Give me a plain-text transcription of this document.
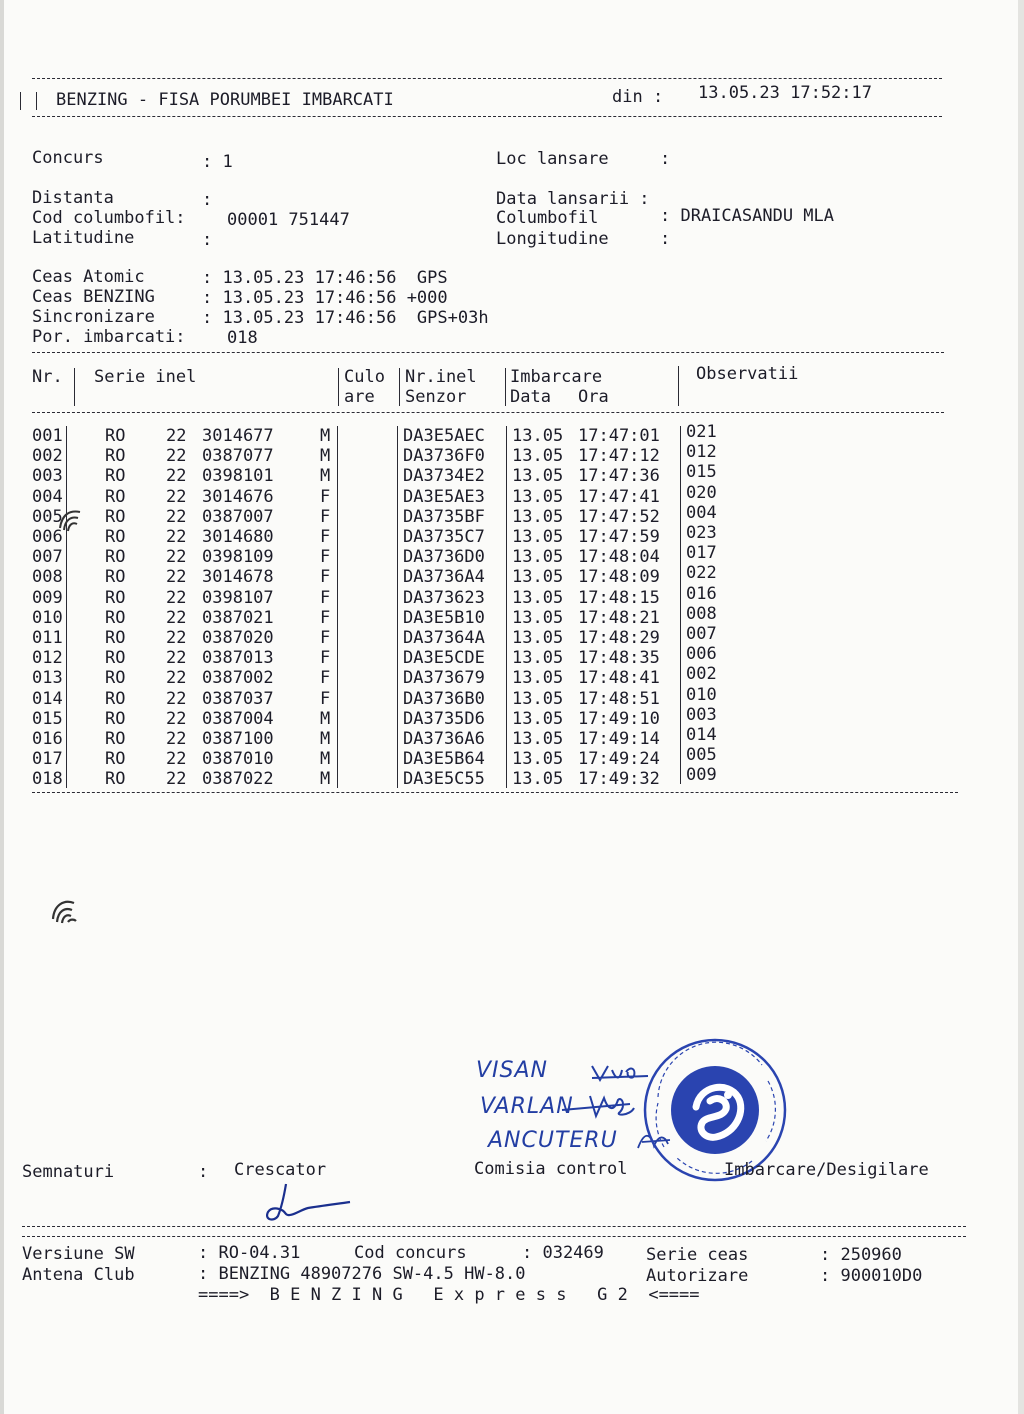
BENZING - FISA PORUMBEI IMBARCATI	din : 13.05.23 17:52:17
Concurs	: 1	Loc lansare	:
Distanta	:
Cod columbofil: 00001 751447
Latitudine	:
Data lansarii :
Columbofil	: DRAICASANDU MLA
Longitudine	:
Ceas Atomic	: 13.05.23 17:46:56  GPS
Ceas BENZING	: 13.05.23 17:46:56 +000
Sincronizare	: 13.05.23 17:46:56  GPS+03h
Por. imbarcati: 018
Nr. Serie inel	Culo
are
Nr.inel
Senzor
Imbarcare
Data Ora
Observatii
001 RO 22 3014677	M	DA3E5AEC 13.05 17:47:01 021
002 RO 22 0387077	M	DA3736F0 13.05 17:47:12 012
003 RO 22 0398101	M	DA3734E2 13.05 17:47:36 015
004 RO 22 3014676	F	DA3E5AE3 13.05 17:47:41 020
005 RO 22 0387007	F	DA3735BF 13.05 17:47:52 004
006 RO 22 3014680	F	DA3735C7 13.05 17:47:59 023
007 RO 22 0398109	F	DA3736D0 13.05 17:48:04 017
008 RO 22 3014678	F	DA3736A4 13.05 17:48:09 022
009 RO 22 0398107	F	DA373623 13.05 17:48:15 016
010 RO 22 0387021	F	DA3E5B10 13.05 17:48:21 008
011 RO 22 0387020	F	DA37364A 13.05 17:48:29 007
012 RO 22 0387013	F	DA3E5CDE 13.05 17:48:35 006
013 RO 22 0387002	F	DA373679 13.05 17:48:41 002
014 RO 22 0387037	F	DA3736B0 13.05 17:48:51 010
015 RO 22 0387004	M	DA3735D6 13.05 17:49:10 003
016 RO 22 0387100	M	DA3736A6 13.05 17:49:14 014
017 RO 22 0387010	M	DA3E5B64 13.05 17:49:24 005
018 RO 22 0387022	M	DA3E5C55 13.05 17:49:32 009
VISAN
VARLAN
ANCUTERU
Semnaturi	: Crescator	Comisia control	Imbarcare/Desigilare
Versiune SW	: RO-04.31	Cod concurs	: 032469 Serie ceas	: 250960
Antena Club	: BENZING 48907276 SW-4.5 HW-8.0	Autorizare	: 900010D0
====>  B E N Z I N G   E x p r e s s   G 2  <====
